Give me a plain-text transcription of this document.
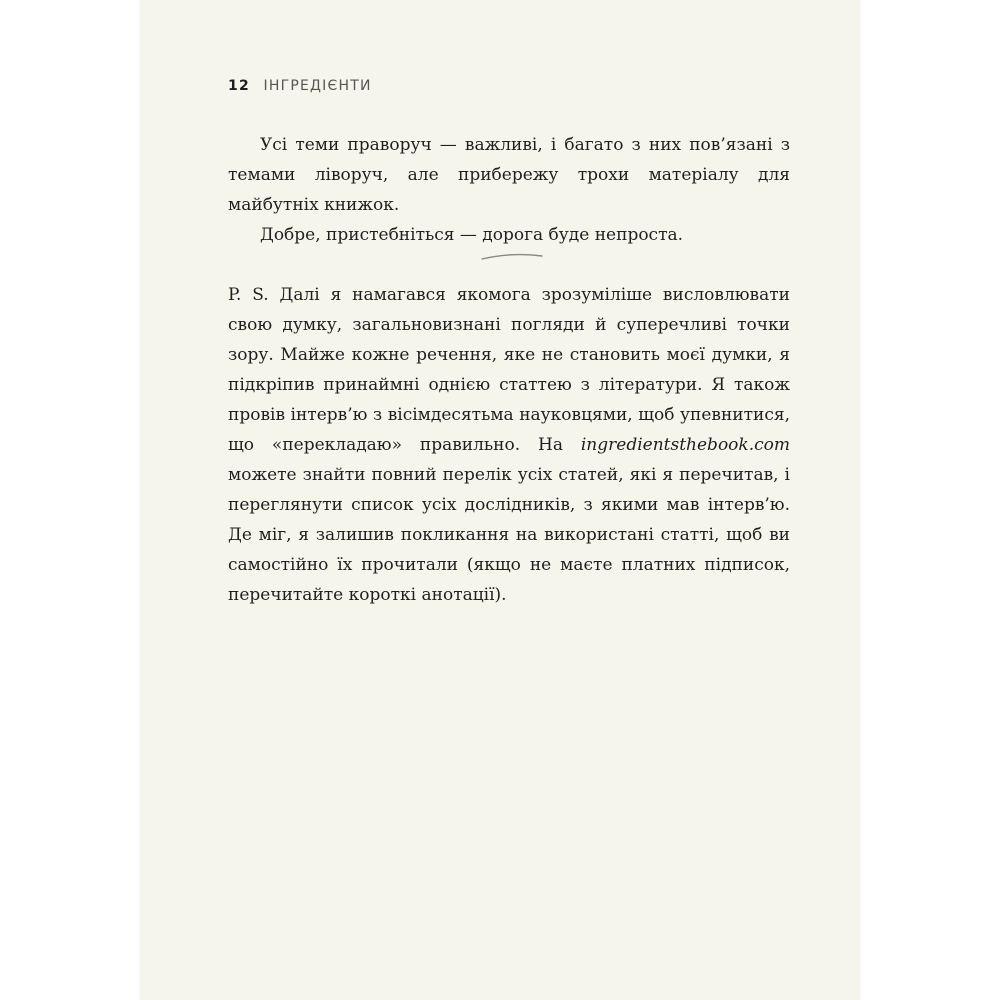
12 ІНГРЕДІЄНТИ

Усі теми праворуч — важливі, і багато з них пов’язані з темами ліворуч, але прибережу трохи матеріалу для майбутніх книжок.

Добре, пристебніться — дорога буде непроста.

P. S. Далі я намагався якомога зрозуміліше висловлювати свою думку, загальновизнані погляди й суперечливі точки зору. Майже кожне речення, яке не становить моєї думки, я підкріпив принаймні однією статтею з літератури. Я також провів інтерв’ю з вісімдесятьма науковцями, щоб упевнитися, що «перекладаю» правильно. На ingredientsthebook.com можете знайти повний перелік усіх статей, які я перечитав, і переглянути список усіх дослідників, з якими мав інтерв’ю. Де міг, я залишив покликання на використані статті, щоб ви самостійно їх прочитали (якщо не маєте платних підписок, перечитайте короткі анотації).
